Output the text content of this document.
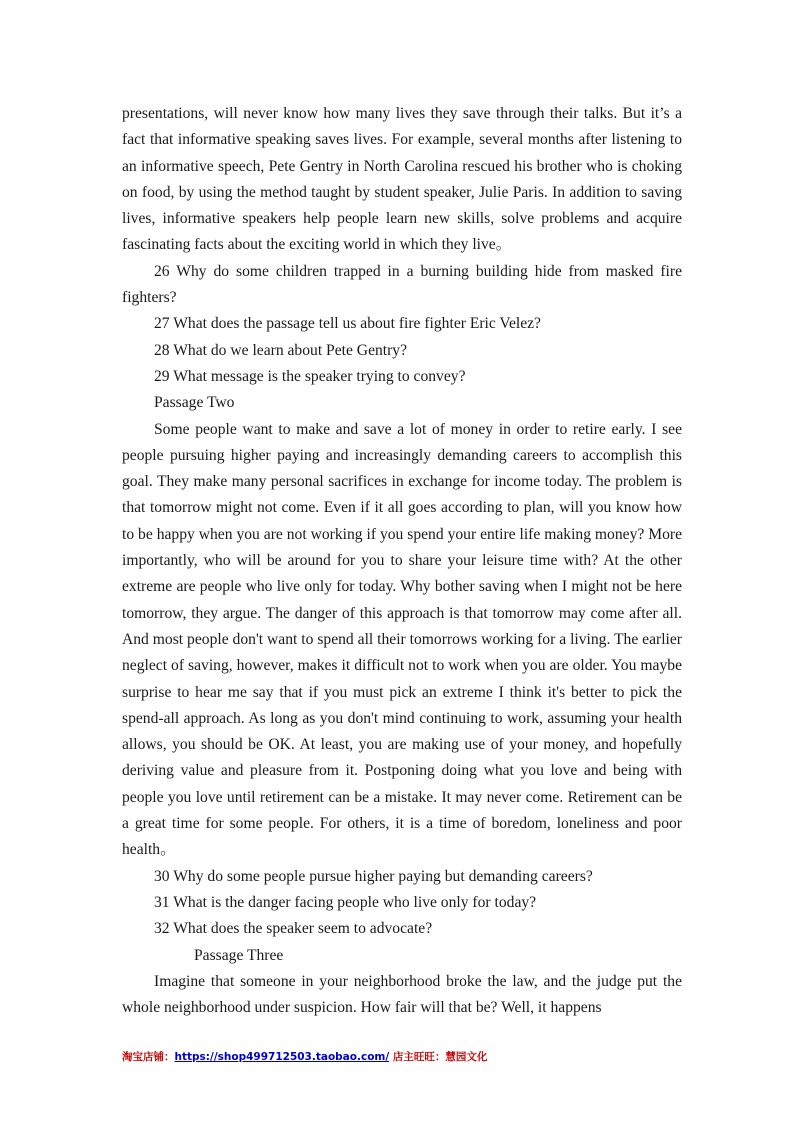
presentations, will never know how many lives they save through their talks. But it’s a fact that informative speaking saves lives. For example, several months after listening to an informative speech, Pete Gentry in North Carolina rescued his brother who is choking on food, by using the method taught by student speaker, Julie Paris. In addition to saving lives, informative speakers help people learn new skills, solve problems and acquire fascinating facts about the exciting world in which they live。

26 Why do some children trapped in a burning building hide from masked fire fighters?

27 What does the passage tell us about fire fighter Eric Velez?

28 What do we learn about Pete Gentry?

29 What message is the speaker trying to convey?

Passage Two

Some people want to make and save a lot of money in order to retire early. I see people pursuing higher paying and increasingly demanding careers to accomplish this goal. They make many personal sacrifices in exchange for income today. The problem is that tomorrow might not come. Even if it all goes according to plan, will you know how to be happy when you are not working if you spend your entire life making money? More importantly, who will be around for you to share your leisure time with? At the other extreme are people who live only for today. Why bother saving when I might not be here tomorrow, they argue. The danger of this approach is that tomorrow may come after all. And most people don't want to spend all their tomorrows working for a living. The earlier neglect of saving, however, makes it difficult not to work when you are older. You maybe surprise to hear me say that if you must pick an extreme I think it's better to pick the spend-all approach. As long as you don't mind continuing to work, assuming your health allows, you should be OK. At least, you are making use of your money, and hopefully deriving value and pleasure from it. Postponing doing what you love and being with people you love until retirement can be a mistake. It may never come. Retirement can be a great time for some people. For others, it is a time of boredom, loneliness and poor health。

30 Why do some people pursue higher paying but demanding careers?

31 What is the danger facing people who live only for today?

32 What does the speaker seem to advocate?

Passage Three

Imagine that someone in your neighborhood broke the law, and the judge put the whole neighborhood under suspicion. How fair will that be? Well, it happens

淘宝店铺：https://shop499712503.taobao.com/ 店主旺旺：慧园文化
